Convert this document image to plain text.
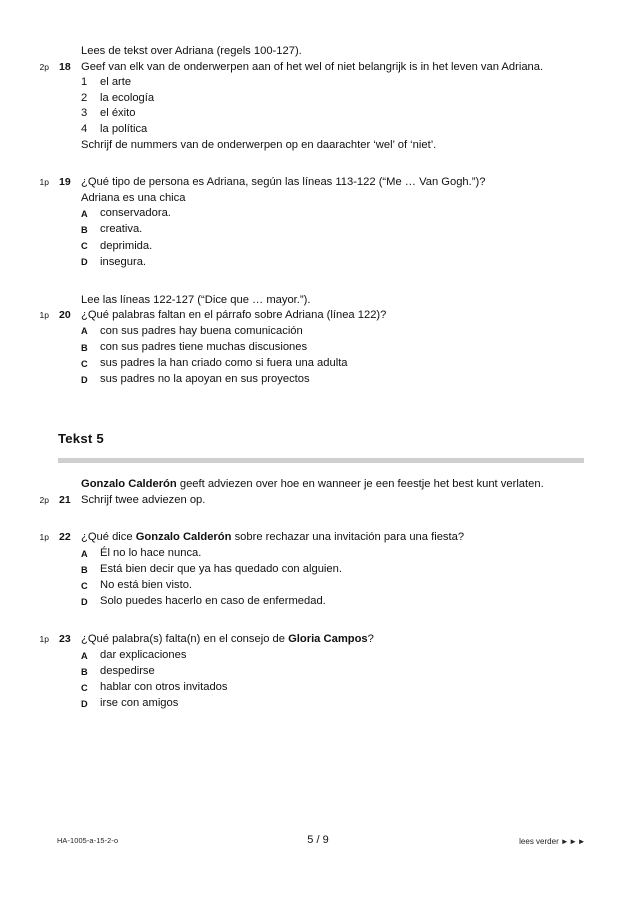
Lees de tekst over Adriana (regels 100-127).

2p 18 Geef van elk van de onderwerpen aan of het wel of niet belangrijk is in het leven van Adriana.

1	el arte
2	la ecología
3	el éxito
4	la política

Schrijf de nummers van de onderwerpen op en daarachter ‘wel’ of ‘niet’.

1p 19 ¿Qué tipo de persona es Adriana, según las líneas 113-122 (“Me … Van Gogh.”)?

Adriana es una chica

A	conservadora.
B	creativa.
C	deprimida.
D	insegura.

Lee las líneas 122-127 (“Dice que … mayor.”).

1p 20 ¿Qué palabras faltan en el párrafo sobre Adriana (línea 122)?

A	con sus padres hay buena comunicación
B	con sus padres tiene muchas discusiones
C	sus padres la han criado como si fuera una adulta
D	sus padres no la apoyan en sus proyectos
Tekst 5

Gonzalo Calderón geeft adviezen over hoe en wanneer je een feestje het best kunt verlaten.

2p 21 Schrijf twee adviezen op.

1p 22 ¿Qué dice Gonzalo Calderón sobre rechazar una invitación para una fiesta?

A	Él no lo hace nunca.
B	Está bien decir que ya has quedado con alguien.
C	No está bien visto.
D	Solo puedes hacerlo en caso de enfermedad.
1p 23 ¿Qué palabra(s) falta(n) en el consejo de Gloria Campos?

A	dar explicaciones
B	despedirse
C	hablar con otros invitados
D	irse con amigos
HA-1005-a-15-2-o	5 / 9	lees verder ►►►
